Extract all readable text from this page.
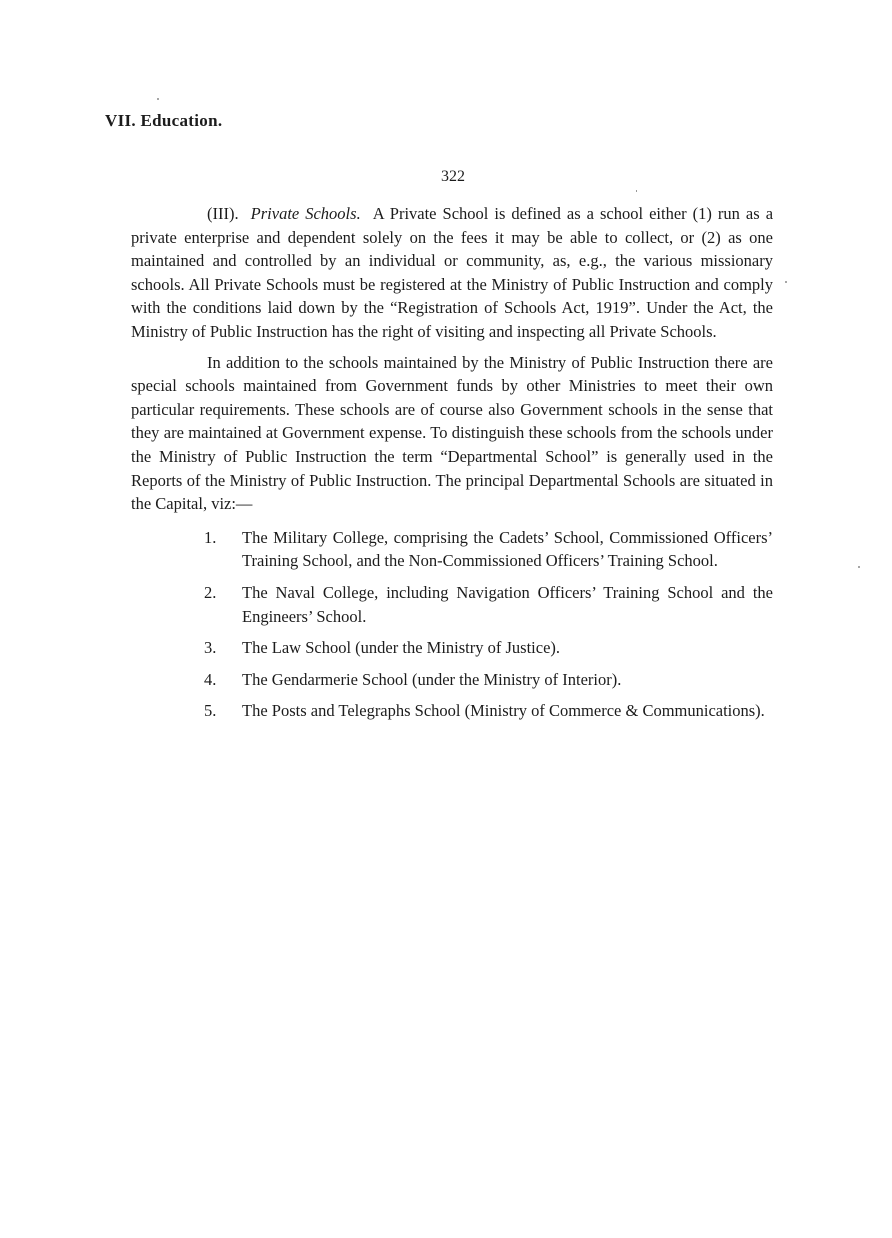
VII. Education.
322

(III). Private Schools. A Private School is defined as a school either (1) run as a private enterprise and dependent solely on the fees it may be able to collect, or (2) as one maintained and controlled by an individual or community, as, e.g., the various missionary schools. All Private Schools must be registered at the Ministry of Public Instruction and comply with the conditions laid down by the “Registration of Schools Act, 1919”. Under the Act, the Ministry of Public Instruction has the right of visiting and inspecting all Private Schools.

In addition to the schools maintained by the Ministry of Public Instruction there are special schools maintained from Government funds by other Ministries to meet their own particular requirements. These schools are of course also Government schools in the sense that they are maintained at Government expense. To distinguish these schools from the schools under the Ministry of Public Instruction the term “Departmental School” is generally used in the Reports of the Ministry of Public Instruction. The principal Departmental Schools are situated in the Capital, viz:—

1. The Military College, comprising the Cadets’ School, Commissioned Officers’ Training School, and the Non-Commissioned Officers’ Training School.
2. The Naval College, including Navigation Officers’ Training School and the Engineers’ School.
3. The Law School (under the Ministry of Justice).
4. The Gendarmerie School (under the Ministry of Interior).
5. The Posts and Telegraphs School (Ministry of Commerce & Communications).
